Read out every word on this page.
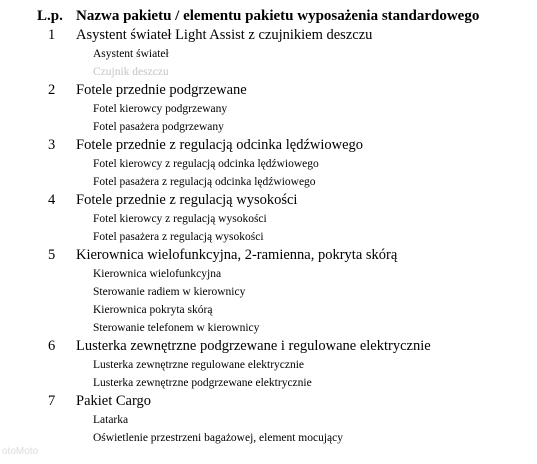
L.p. Nazwa pakietu / elementu pakietu wyposażenia standardowego
1 Asystent świateł Light Assist z czujnikiem deszczu
Asystent świateł
Czujnik deszczu
2 Fotele przednie podgrzewane
Fotel kierowcy podgrzewany
Fotel pasażera podgrzewany
3 Fotele przednie z regulacją odcinka lędźwiowego
Fotel kierowcy z regulacją odcinka lędźwiowego
Fotel pasażera z regulacją odcinka lędźwiowego
4 Fotele przednie z regulacją wysokości
Fotel kierowcy z regulacją wysokości
Fotel pasażera z regulacją wysokości
5 Kierownica wielofunkcyjna, 2-ramienna, pokryta skórą
Kierownica wielofunkcyjna
Sterowanie radiem w kierownicy
Kierownica pokryta skórą
Sterowanie telefonem w kierownicy
6 Lusterka zewnętrzne podgrzewane i regulowane elektrycznie
Lusterka zewnętrzne regulowane elektrycznie
Lusterka zewnętrzne podgrzewane elektrycznie
7 Pakiet Cargo
Latarka
Oświetlenie przestrzeni bagażowej, element mocujący
otoMoto
